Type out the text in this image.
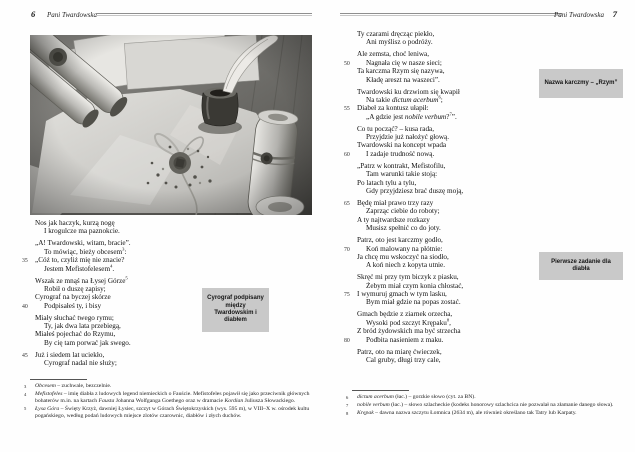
6 Pani Twardowska
Nos jak haczyk, kurzą nogę
I krogulcze ma paznokcie.
„A! Twardowski, witam, bracie”.
To mówiąc, bieży obcesem$^3$:
35	„Cóż to, czyliż mię nie znacie?
Jestem Mefistofelesem$^4$.
Wszak ze mnąś na Łysej Górze$^5$
Robił o duszę zapisy;
Cyrograf na byczej skórze
40	Podpisałeś ty, i bisy
Miały słuchać twego rymu;
Ty, jak dwa lata przebiegą,
Miałeś pojechać do Rzymu,
By cię tam porwać jak swego.
45	Już i siedem lat uciekło,
Cyrograf nadal nie służy;
Cyrograf podpisany między Twardowskim i diabłem
3	Obcesem – zuchwale, bezczelnie.
4	Mefistofeles – imię diabła z ludowych legend niemieckich o Fauście. Mefistofeles pojawił się jako przeciwnik głównych bohaterów m.in. na kartach Fausta Johanna Wolfganga Goethego oraz w dramacie Kordian Juliusza Słowackiego.
5	Łysa Góra – Święty Krzyż, dawniej Łysiec, szczyt w Górach Świętokrzyskich (wys. 595 m), w VIII–X w. ośrodek kultu pogańskiego, według podań ludowych miejsce zlotów czarownic, diabłów i złych duchów.
Pani Twardowska 7
Ty czarami dręcząc piekło,
Ani myślisz o podróży.
Ale zemsta, choć leniwa,
50	Nagnała cię w nasze sieci;
Ta karczma Rzym się nazywa,
Kładę areszt na waszeci”.
Twardowski ku drzwiom się kwapił
Na takie dictum acerbum$^6$;
55	Diabeł za kontusz ułapił:
„A gdzie jest nobile verbum?$^7$”.
Co tu począć? – kusa rada,
Przyjdzie już nałożyć głową.
Twardowski na koncept wpada
60	I zadaje trudność nową.
„Patrz w kontrakt, Mefistofilu,
Tam warunki takie stoją:
Po latach tylu a tylu,
Gdy przyjdziesz brać duszę moją,
65	Będę miał prawo trzy razy
Zaprząc ciebie do roboty;
A ty najtwardsze rozkazy
Musisz spełnić co do joty.
Patrz, oto jest karczmy godło,
70	Koń malowany na płótnie:
Ja chcę mu wskoczyć na siodło,
A koń niech z kopyta utnie.
Skręć mi przy tym biczyk z piasku,
Żebym miał czym konia chłostać,
75	I wymuruj gmach w tym lasku,
Bym miał gdzie na popas zostać.
Gmach będzie z ziarnek orzecha,
Wysoki pod szczyt Krępaku$^8$,
Z bród żydowskich ma być strzecha
80	Podbita nasieniem z maku.
Patrz, oto na miarę ćwieczek,
Cal gruby, długi trzy cale,
Nazwa karczmy – „Rzym”
Pierwsze zadanie dla diabła
6	dictum acerbum (łac.) – gorzkie słowo (cyt. za BN).
7	nobile verbum (łac.) – słowo szlacheckie (kodeks honorowy szlachcica nie pozwalał na złamanie danego słowa).
8	Krępak – dawna nazwa szczytu Łomnica (2634 m), ale również określano tak Tatry lub Karpaty.
